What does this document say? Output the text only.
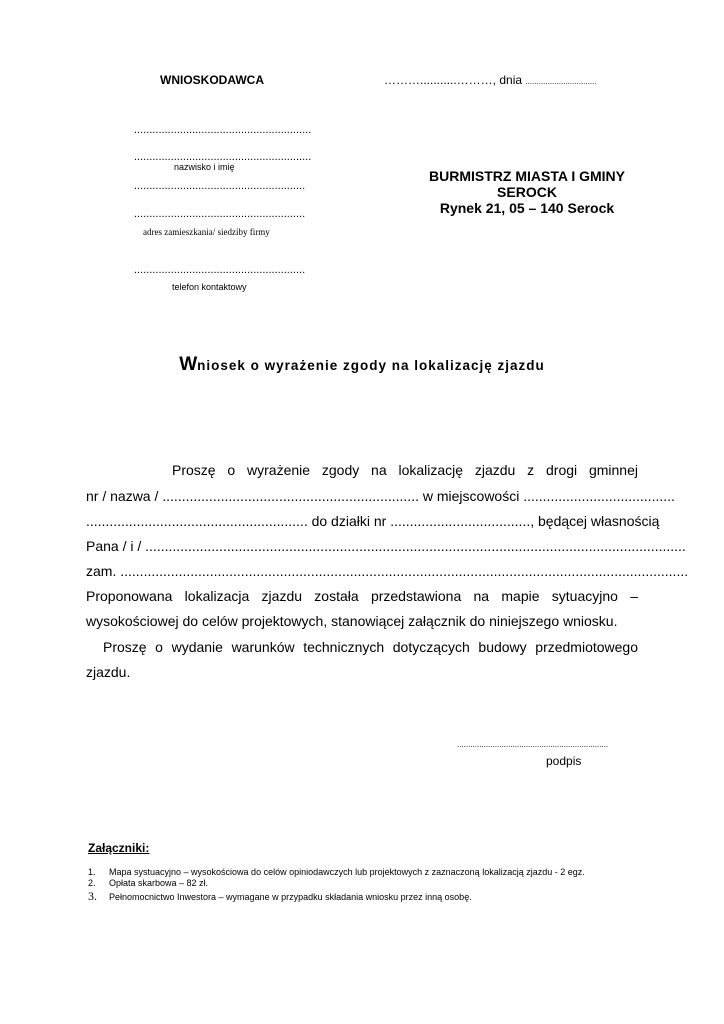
WNIOSKODAWCA	………...........………, dnia ................................
..........................................................
..........................................................
nazwisko i imię
........................................................
........................................................
adres zamieszkania/ siedziby firmy
........................................................
telefon kontaktowy
BURMISTRZ MIASTA I GMINY
SEROCK
Rynek 21, 05 – 140 Serock
Wniosek o wyrażenie zgody na lokalizację zjazdu
Proszę o wyrażenie zgody na lokalizację zjazdu z drogi gminnej
nr / nazwa / .................................................................. w miejscowości .......................................
......................................................... do działki nr ...................................., będącej własnością
Pana / i / ...........................................................................................................................................
zam. ..................................................................................................................................................
Proponowana lokalizacja zjazdu została przedstawiona na mapie sytuacyjno –
wysokościowej do celów projektowych, stanowiącej załącznik do niniejszego wniosku.
Proszę o wydanie warunków technicznych dotyczących budowy przedmiotowego
zjazdu.
....................................................................
podpis
Załączniki:
1. Mapa systuacyjno – wysokościowa do celów opiniodawczych lub projektowych z zaznaczoną lokalizacją zjazdu - 2 egz.
2. Opłata skarbowa – 82 zł.
3. Pełnomocnictwo Inwestora – wymagane w przypadku składania wniosku przez inną osobę.
